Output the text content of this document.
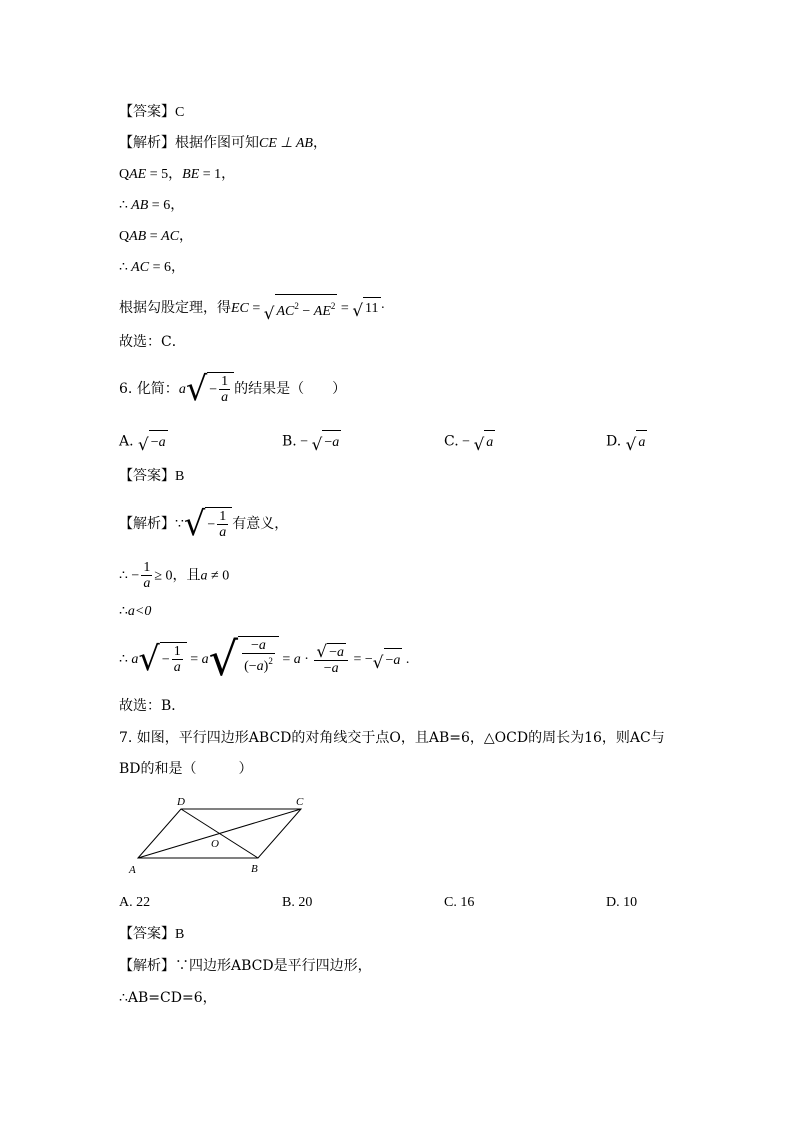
【答案】C
【解析】根据作图可知CE ⊥ AB，
QAE = 5，BE = 1，
∴ AB = 6，
QAB = AC，
∴ AC = 6，
根据勾股定理，得EC = √ $AC^2 - AE^2$ = √ 11 ·
故选：C．
6. 化简：a √ − $\frac{1}{a}$ 的结果是（　　）
A. √ −a	B. − √ −a	C. − √ a	D. √ a
【答案】B
【解析】∵ √ − $\frac{1}{a}$ 有意义，
∴ − $\frac{1}{a} \ge 0$，且a ≠ 0
∴a<0
∴ a √ − $\frac{1}{a} = a$ √ $\frac{-a}{(-a)^2} = a \cdot \frac{√ -a}{-a}$ = − √ −a .
故选：B．
7. 如图，平行四边形ABCD的对角线交于点O，且AB=6，△OCD的周长为16，则AC与
BD的和是（　　　）
A	B
C
D
O
A. 22	B. 20	C. 16	D. 10
【答案】B
【解析】∵四边形ABCD是平行四边形，
∴AB=CD=6，
